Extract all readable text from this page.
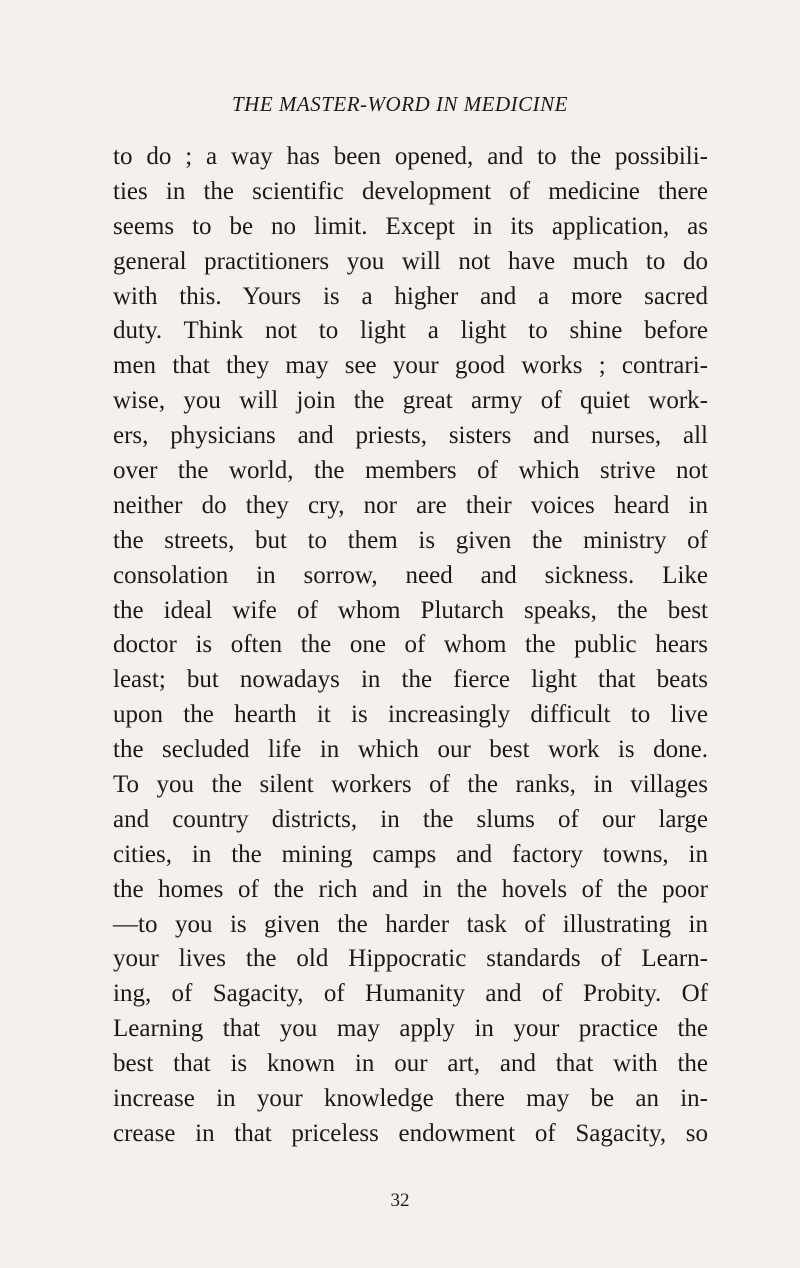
THE MASTER-WORD IN MEDICINE
to do ; a way has been opened, and to the possibili-
ties in the scientific development of medicine there
seems to be no limit. Except in its application, as
general practitioners you will not have much to do
with this. Yours is a higher and a more sacred
duty. Think not to light a light to shine before
men that they may see your good works ; contrari-
wise, you will join the great army of quiet work-
ers, physicians and priests, sisters and nurses, all
over the world, the members of which strive not
neither do they cry, nor are their voices heard in
the streets, but to them is given the ministry of
consolation in sorrow, need and sickness. Like
the ideal wife of whom Plutarch speaks, the best
doctor is often the one of whom the public hears
least; but nowadays in the fierce light that beats
upon the hearth it is increasingly difficult to live
the secluded life in which our best work is done.
To you the silent workers of the ranks, in villages
and country districts, in the slums of our large
cities, in the mining camps and factory towns, in
the homes of the rich and in the hovels of the poor
—to you is given the harder task of illustrating in
your lives the old Hippocratic standards of Learn-
ing, of Sagacity, of Humanity and of Probity. Of
Learning that you may apply in your practice the
best that is known in our art, and that with the
increase in your knowledge there may be an in-
crease in that priceless endowment of Sagacity, so
32
